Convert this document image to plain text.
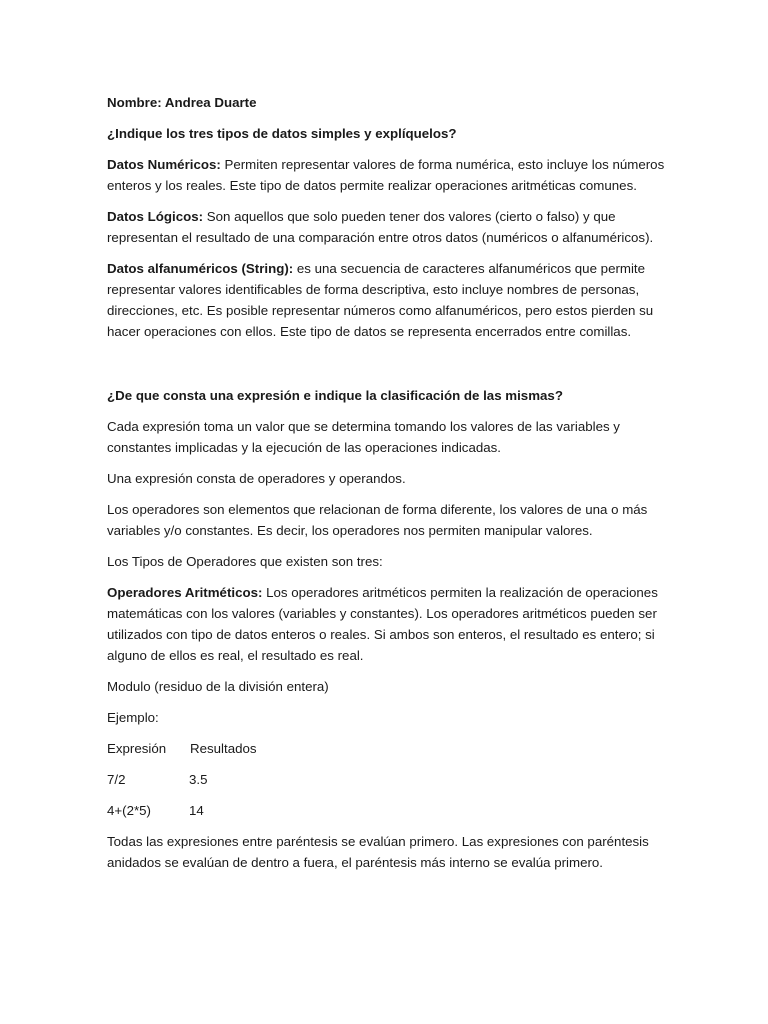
Nombre: Andrea Duarte

¿Indique los tres tipos de datos simples y explíquelos?

Datos Numéricos: Permiten representar valores de forma numérica, esto incluye los números enteros y los reales. Este tipo de datos permite realizar operaciones aritméticas comunes.

Datos Lógicos: Son aquellos que solo pueden tener dos valores (cierto o falso) y que representan el resultado de una comparación entre otros datos (numéricos o alfanuméricos).

Datos alfanuméricos (String): es una secuencia de caracteres alfanuméricos que permite representar valores identificables de forma descriptiva, esto incluye nombres de personas, direcciones, etc. Es posible representar números como alfanuméricos, pero estos pierden su hacer operaciones con ellos. Este tipo de datos se representa encerrados entre comillas.

¿De que consta una expresión e indique la clasificación de las mismas?

Cada expresión toma un valor que se determina tomando los valores de las variables y constantes implicadas y la ejecución de las operaciones indicadas.

Una expresión consta de operadores y operandos.

Los operadores son elementos que relacionan de forma diferente, los valores de una o más variables y/o constantes. Es decir, los operadores nos permiten manipular valores.

Los Tipos de Operadores que existen son tres:

Operadores Aritméticos: Los operadores aritméticos permiten la realización de operaciones matemáticas con los valores (variables y constantes). Los operadores aritméticos pueden ser utilizados con tipo de datos enteros o reales. Si ambos son enteros, el resultado es entero; si alguno de ellos es real, el resultado es real.

Modulo (residuo de la división entera)

Ejemplo:

Expresión	Resultados
7/2	3.5
4+(2*5)	14

Todas las expresiones entre paréntesis se evalúan primero. Las expresiones con paréntesis anidados se evalúan de dentro a fuera, el paréntesis más interno se evalúa primero.
